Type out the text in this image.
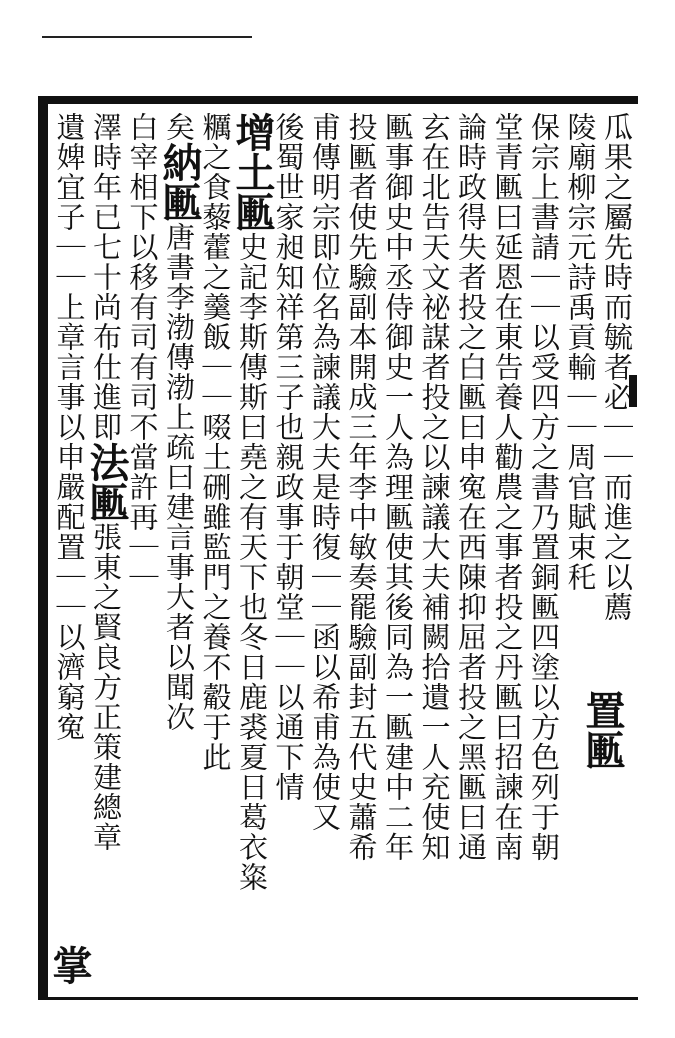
瓜果之屬先時而毓者必｜｜而進之以薦
陵廟柳宗元詩禹貢輸｜｜周官賦束秅
保宗上書請｜｜以受四方之書乃置銅匭四塗以方色列于朝
堂青匭曰延恩在東告養人勸農之事者投之丹匭曰招諫在南
論時政得失者投之白匭曰申寃在西陳抑屈者投之黑匭曰通
玄在北告天文祕謀者投之以諫議大夫補闕拾遺一人充使知
匭事御史中丞侍御史一人為理匭使其後同為一匭建中二年
投匭者使先驗副本開成三年李中敏奏罷驗副封五代史蕭希
甫傳明宗即位名為諫議大夫是時復｜｜函以希甫為使又
後蜀世家昶知祥第三子也親政事于朝堂｜｜以通下情
增土匭史記李斯傳斯曰堯之有天下也冬日鹿裘夏日葛衣粢
糲之食藜藿之羹飯｜｜啜土硎雖監門之養不觳于此
矣納匭唐書李渤傳渤上疏曰建言事大者以聞次
白宰相下以移有司有司不當許再｜｜
澤時年已七十尚布仕進即法匭張東之賢良方正策建總章
遺婢宜子｜｜上章言事以申嚴配置｜｜以濟窮寃
掌
置匭
